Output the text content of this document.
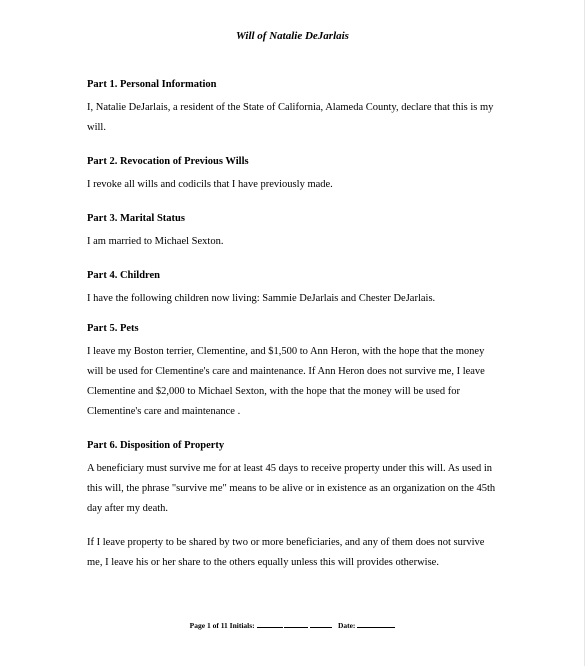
Will of Natalie DeJarlais
Part 1. Personal Information
I, Natalie DeJarlais, a resident of the State of California, Alameda County, declare that this is my
will.
Part 2. Revocation of Previous Wills
I revoke all wills and codicils that I have previously made.
Part 3. Marital Status
I am married to Michael Sexton.
Part 4. Children
I have the following children now living: Sammie DeJarlais and Chester DeJarlais.
Part 5. Pets
I leave my Boston terrier, Clementine, and $1,500 to Ann Heron, with the hope that the money
will be used for Clementine's care and maintenance. If Ann Heron does not survive me, I leave
Clementine and $2,000 to Michael Sexton, with the hope that the money will be used for
Clementine's care and maintenance .
Part 6. Disposition of Property
A beneficiary must survive me for at least 45 days to receive property under this will. As used in
this will, the phrase "survive me" means to be alive or in existence as an organization on the 45th
day after my death.
If I leave property to be shared by two or more beneficiaries, and any of them does not survive
me, I leave his or her share to the others equally unless this will provides otherwise.
Page 1 of 11 Initials:	Date:
